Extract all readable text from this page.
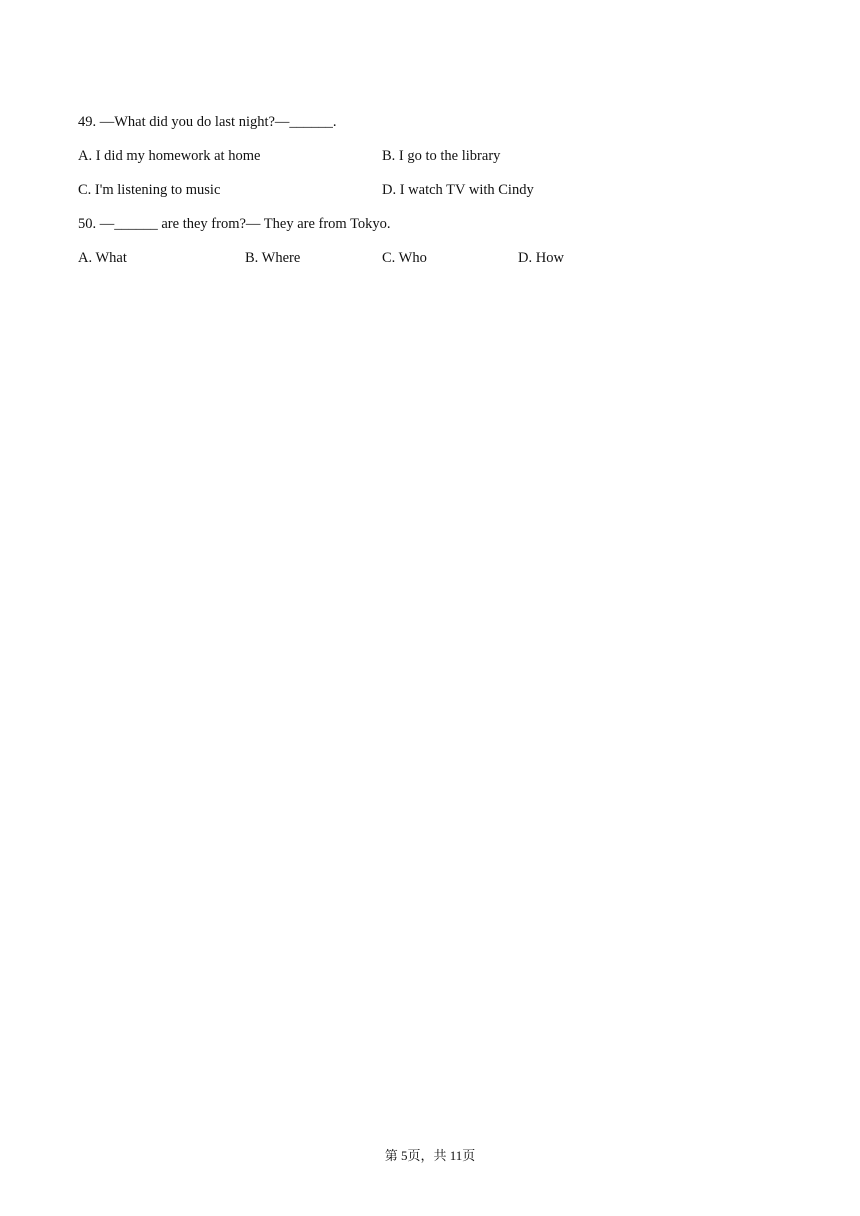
49. —What did you do last night?—______.
A. I did my homework at home	B. I go to the library
C. I'm listening to music	D. I watch TV with Cindy
50. —______ are they from?— They are from Tokyo.
A. What	B. Where	C. Who	D. How
第 5页，共 11页
